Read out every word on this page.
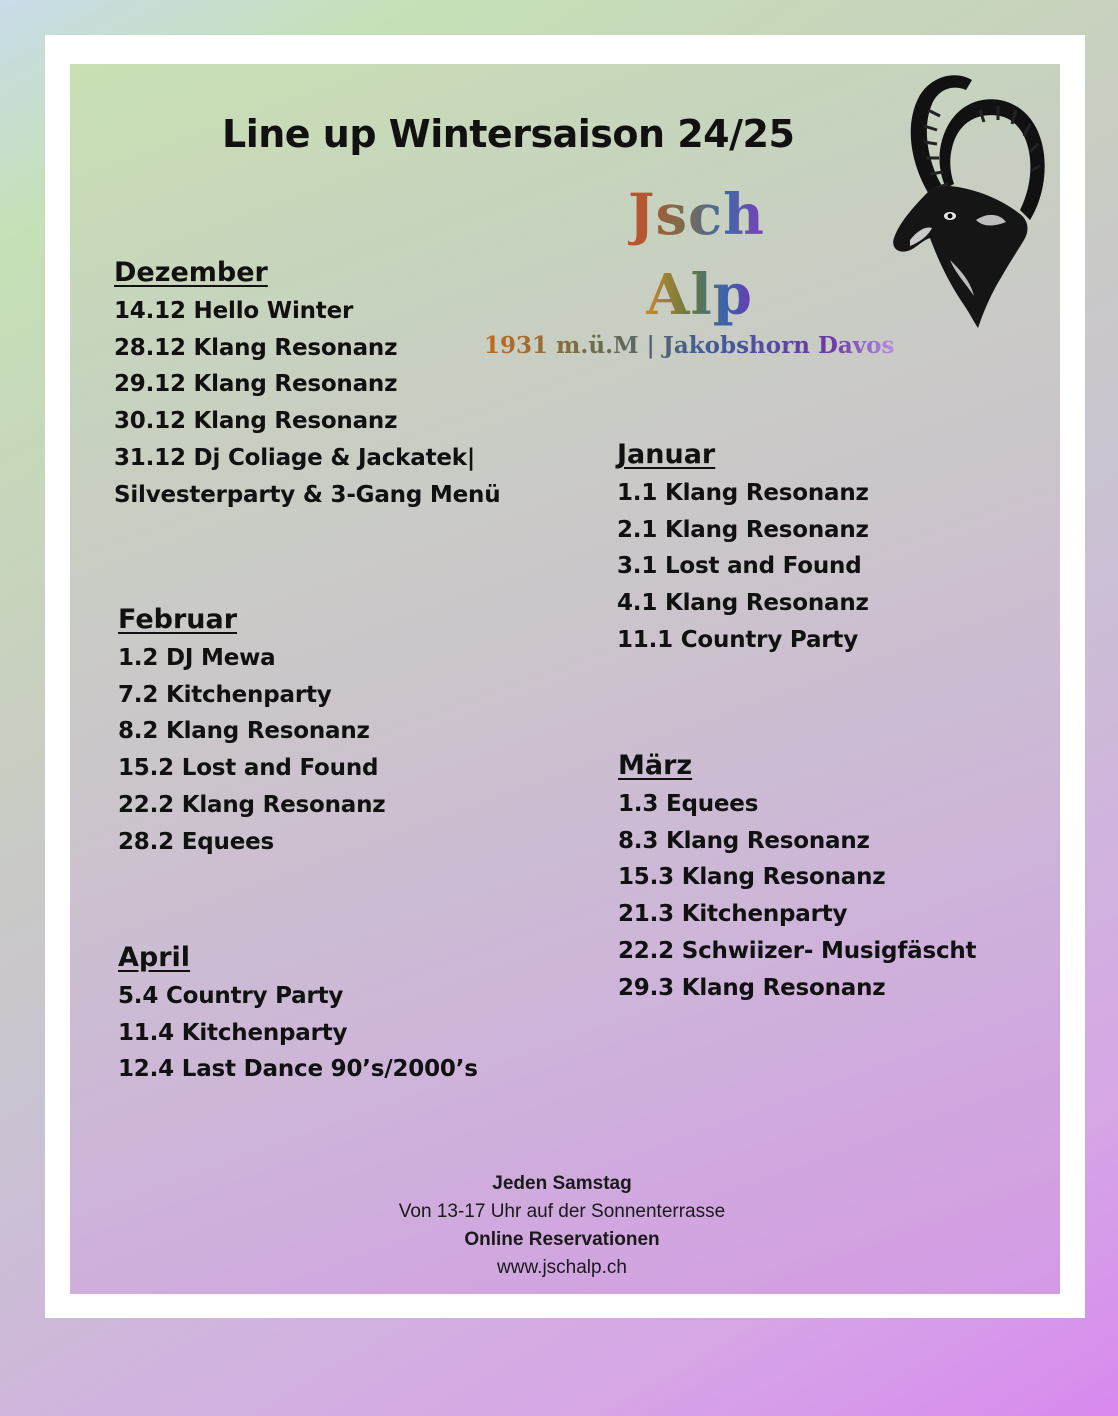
Line up Wintersaison 24/25
Jsch
Alp
1931 m.ü.M | Jakobshorn Davos
Dezember
14.12 Hello Winter
28.12 Klang Resonanz
29.12 Klang Resonanz
30.12 Klang Resonanz
31.12 Dj Coliage & Jackatek|
Silvesterparty & 3-Gang Menü
Januar
1.1 Klang Resonanz
2.1 Klang Resonanz
3.1 Lost and Found
4.1 Klang Resonanz
11.1 Country Party
Februar
1.2 DJ Mewa
7.2 Kitchenparty
8.2 Klang Resonanz
15.2 Lost and Found
22.2 Klang Resonanz
28.2 Equees
März
1.3 Equees
8.3 Klang Resonanz
15.3 Klang Resonanz
21.3 Kitchenparty
22.2 Schwiizer- Musigfäscht
29.3 Klang Resonanz
April
5.4 Country Party
11.4 Kitchenparty
12.4 Last Dance 90’s/2000’s
Jeden Samstag
Von 13-17 Uhr auf der Sonnenterrasse
Online Reservationen
www.jschalp.ch
